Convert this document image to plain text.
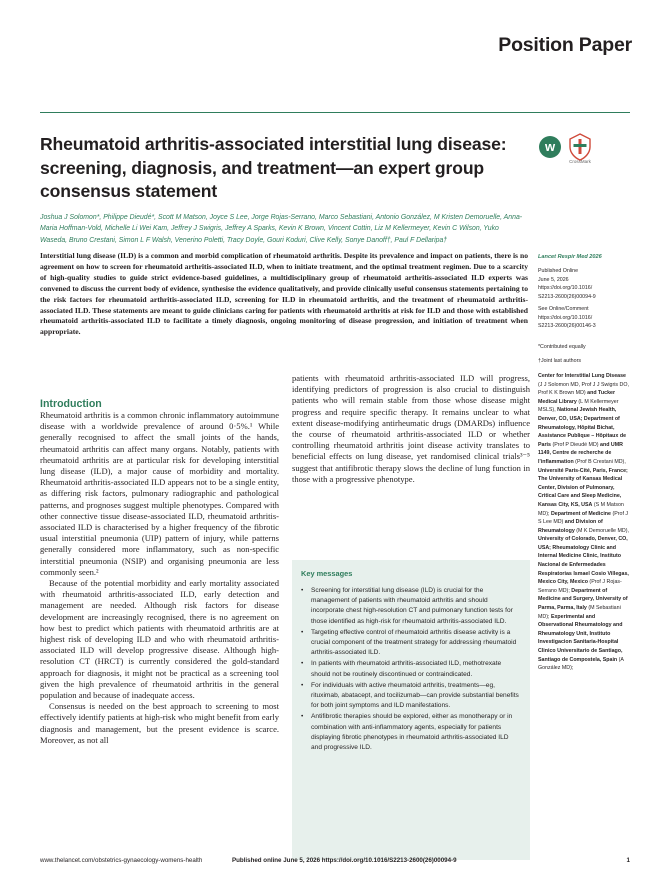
Position Paper
Rheumatoid arthritis-associated interstitial lung disease: screening, diagnosis, and treatment—an expert group consensus statement
w
CrossMark
Joshua J Solomon*, Philippe Dieudé*, Scott M Matson, Joyce S Lee, Jorge Rojas-Serrano, Marco Sebastiani, Antonio González, M Kristen Demoruelle, Anna-Maria Hoffman-Vold, Michelle Li Wei Kam, Jeffrey J Swigris, Jeffrey A Sparks, Kevin K Brown, Vincent Cottin, Liz M Kellermeyer, Kevin C Wilson, Yuko Waseda, Bruno Crestani, Simon L F Walsh, Venerino Poletti, Tracy Doyle, Gouri Koduri, Clive Kelly, Sonye Danoff†, Paul F Dellaripa†
Interstitial lung disease (ILD) is a common and morbid complication of rheumatoid arthritis. Despite its prevalence and impact on patients, there is no agreement on how to screen for rheumatoid arthritis-associated ILD, when to initiate treatment, and the optimal treatment regimen. Due to a scarcity of high-quality studies to guide strict evidence-based guidelines, a multidisciplinary group of rheumatoid arthritis-associated ILD experts was convened to discuss the current body of evidence, synthesise the evidence qualitatively, and provide clinically useful consensus statements pertaining to the risk factors for rheumatoid arthritis-associated ILD, screening for ILD in rheumatoid arthritis, and the treatment of rheumatoid arthritis-associated ILD. These statements are meant to guide clinicians caring for patients with rheumatoid arthritis at risk for ILD and those with established rheumatoid arthritis-associated ILD to facilitate a timely diagnosis, ongoing monitoring of disease progression, and initiation of treatment when appropriate.
Introduction

Rheumatoid arthritis is a common chronic inflammatory autoimmune disease with a worldwide prevalence of around 0·5%.¹ While generally recognised to affect the small joints of the hands, rheumatoid arthritis can affect many organs. Notably, patients with rheumatoid arthritis are at particular risk for developing interstitial lung disease (ILD), a major cause of morbidity and mortality. Rheumatoid arthritis-associated ILD appears not to be a single entity, as differing risk factors, pulmonary radiographic and pathological patterns, and prognoses suggest multiple phenotypes. Compared with other connective tissue disease-associated ILD, rheumatoid arthritis-associated ILD is characterised by a higher frequency of the fibrotic usual interstitial pneumonia (UIP) pattern of injury, while patterns generally considered more inflammatory, such as non-specific interstitial pneumonia (NSIP) and organising pneumonia are less commonly seen.²

Because of the potential morbidity and early mortality associated with rheumatoid arthritis-associated ILD, early detection and management are needed. Although risk factors for disease development are increasingly recognised, there is no agreement on how best to predict which patients with rheumatoid arthritis are at highest risk of developing ILD and who with rheumatoid arthritis-associated ILD will develop progressive disease. Although high-resolution CT (HRCT) is currently considered the gold-standard approach for diagnosis, it might not be practical as a screening tool given the high prevalence of rheumatoid arthritis in the general population and because of inadequate access.

Consensus is needed on the best approach to screening to most effectively identify patients at high-risk who might benefit from early diagnosis and management, but the present evidence is scarce. Moreover, as not all

patients with rheumatoid arthritis-associated ILD will progress, identifying predictors of progression is also crucial to distinguish patients who will remain stable from those whose disease might progress and require specific therapy. It remains unclear to what extent disease-modifying antirheumatic drugs (DMARDs) influence the course of rheumatoid arthritis-associated ILD or whether controlling rheumatoid arthritis joint disease activity translates to beneficial effects on lung disease, yet randomised clinical trials³⁻⁵ suggest that antifibrotic therapy slows the decline of lung function in those with a progressive phenotype.

Key messages
• Screening for interstitial lung disease (ILD) is crucial for the management of patients with rheumatoid arthritis and should incorporate chest high-resolution CT and pulmonary function tests for those identified as high-risk for rheumatoid arthritis-associated ILD.
• Targeting effective control of rheumatoid arthritis disease activity is a crucial component of the treatment strategy for addressing rheumatoid arthritis-associated ILD.
• In patients with rheumatoid arthritis-associated ILD, methotrexate should not be routinely discontinued or contraindicated.
• For individuals with active rheumatoid arthritis, treatments—eg, rituximab, abatacept, and tocilizumab—can provide substantial benefits for both joint symptoms and ILD manifestations.
• Antifibrotic therapies should be explored, either as monotherapy or in combination with anti-inflammatory agents, especially for patients displaying fibrotic phenotypes in rheumatoid arthritis-associated ILD and progressive ILD.
Lancet Respir Med 2026
Published Online
June 5, 2026
https://doi.org/10.1016/
S2213-2600(26)00094-9
See Online/Comment
https://doi.org/10.1016/
S2213-2600(26)00146-3
*Contributed equally
†Joint last authors
Center for Interstitial Lung Disease (J J Solomon MD, Prof J J Swigris DO, Prof K K Brown MD) and Tucker Medical Library (L M Kellermeyer MSLS), National Jewish Health, Denver, CO, USA; Department of Rheumatology, Hôpital Bichat, Assistance Publique – Hôpitaux de Paris (Prof P Dieudé MD) and UMR 1149, Centre de recherche de l'inflammation (Prof B Crestani MD), Université Paris-Cité, Paris, France; The University of Kansas Medical Center, Division of Pulmonary, Critical Care and Sleep Medicine, Kansas City, KS, USA (S M Matson MD); Department of Medicine (Prof J S Lee MD) and Division of Rheumatology (M K Demoruelle MD), University of Colorado, Denver, CO, USA; Rheumatology Clinic and Internal Medicine Clinic, Instituto Nacional de Enfermedades Respiratorias Ismael Cosio Villegas, Mexico City, Mexico (Prof J Rojas-Serrano MD); Department of Medicine and Surgery, University of Parma, Parma, Italy (M Sebastiani MD); Experimental and Observational Rheumatology and Rheumatology Unit, Instituto Investigacion Sanitaria-Hospital Clinico Universitario de Santiago, Santiago de Compostela, Spain (A González MD);
www.thelancet.com/obstetrics-gynaecology-womens-health	Published online June 5, 2026 https://doi.org/10.1016/S2213-2600(26)00094-9	1
